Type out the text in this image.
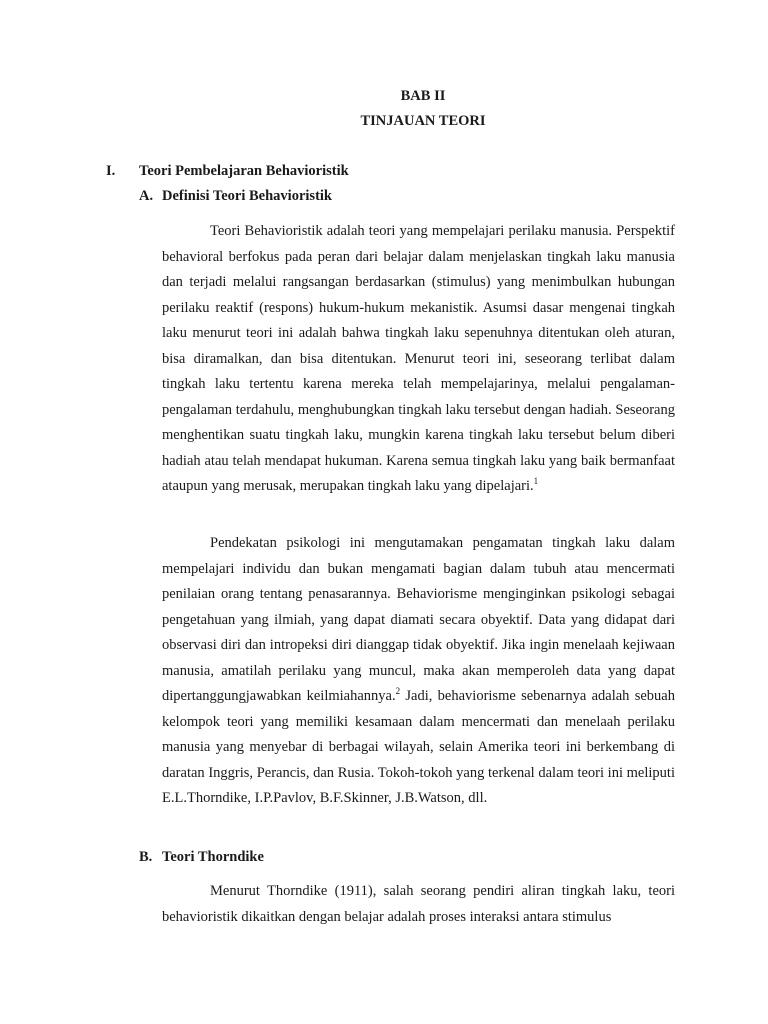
BAB II
TINJAUAN TEORI
I. Teori Pembelajaran Behavioristik
A. Definisi Teori Behavioristik

Teori Behavioristik adalah teori yang mempelajari perilaku manusia. Perspektif behavioral berfokus pada peran dari belajar dalam menjelaskan tingkah laku manusia dan terjadi melalui rangsangan berdasarkan (stimulus) yang menimbulkan hubungan perilaku reaktif (respons) hukum-hukum mekanistik. Asumsi dasar mengenai tingkah laku menurut teori ini adalah bahwa tingkah laku sepenuhnya ditentukan oleh aturan, bisa diramalkan, dan bisa ditentukan. Menurut teori ini, seseorang terlibat dalam tingkah laku tertentu karena mereka telah mempelajarinya, melalui pengalaman-pengalaman terdahulu, menghubungkan tingkah laku tersebut dengan hadiah. Seseorang menghentikan suatu tingkah laku, mungkin karena tingkah laku tersebut belum diberi hadiah atau telah mendapat hukuman. Karena semua tingkah laku yang baik bermanfaat ataupun yang merusak, merupakan tingkah laku yang dipelajari.$^1$

Pendekatan psikologi ini mengutamakan pengamatan tingkah laku dalam mempelajari individu dan bukan mengamati bagian dalam tubuh atau mencermati penilaian orang tentang penasarannya. Behaviorisme menginginkan psikologi sebagai pengetahuan yang ilmiah, yang dapat diamati secara obyektif. Data yang didapat dari observasi diri dan intropeksi diri dianggap tidak obyektif. Jika ingin menelaah kejiwaan manusia, amatilah perilaku yang muncul, maka akan memperoleh data yang dapat dipertanggungjawabkan keilmiahannya.$^2$ Jadi, behaviorisme sebenarnya adalah sebuah kelompok teori yang memiliki kesamaan dalam mencermati dan menelaah perilaku manusia yang menyebar di berbagai wilayah, selain Amerika teori ini berkembang di daratan Inggris, Perancis, dan Rusia. Tokoh-tokoh yang terkenal dalam teori ini meliputi E.L.Thorndike, I.P.Pavlov, B.F.Skinner, J.B.Watson, dll.

B. Teori Thorndike

Menurut Thorndike (1911), salah seorang pendiri aliran tingkah laku, teori behavioristik dikaitkan dengan belajar adalah proses interaksi antara stimulus
